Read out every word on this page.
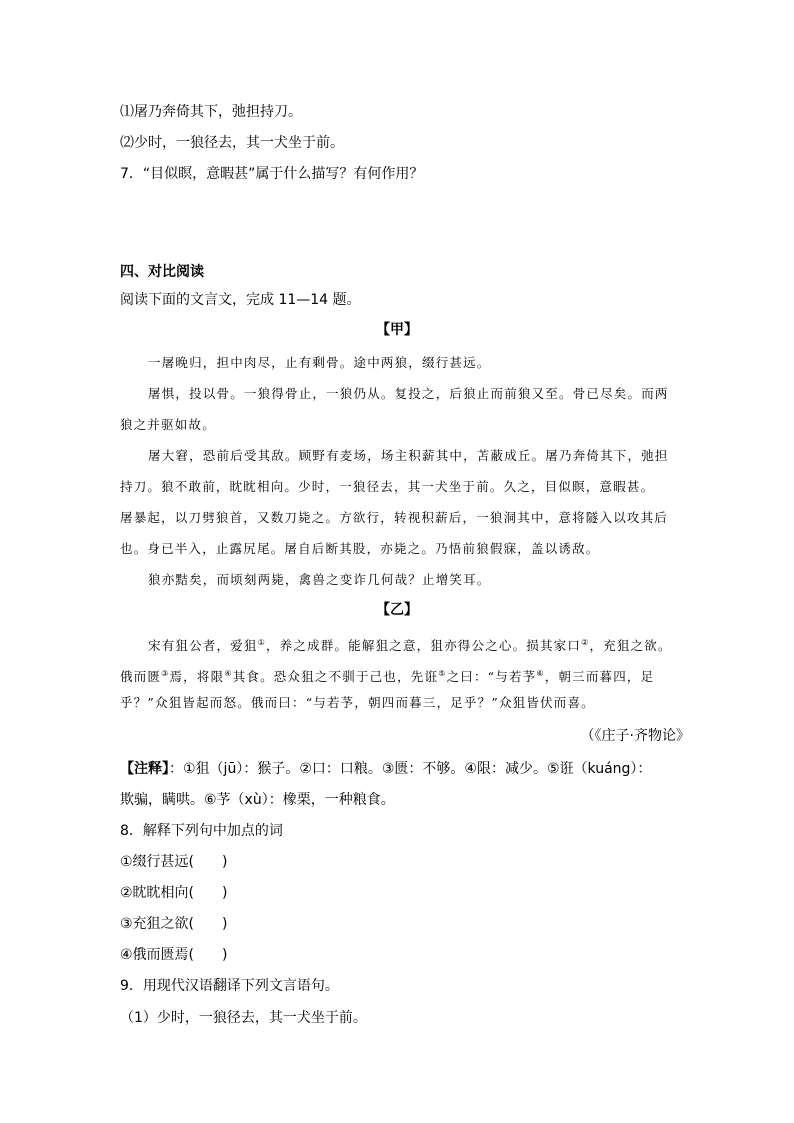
⑴屠乃奔倚其下，弛担持刀。
⑵少时，一狼径去，其一犬坐于前。
7．“目似瞑，意暇甚”属于什么描写？有何作用？
四、对比阅读
阅读下面的文言文，完成 11—14 题。
【甲】
一屠晚归，担中肉尽，止有剩骨。途中两狼，缀行甚远。
屠惧，投以骨。一狼得骨止，一狼仍从。复投之，后狼止而前狼又至。骨已尽矣。而两
狼之并驱如故。
屠大窘，恐前后受其敌。顾野有麦场，场主积薪其中，苫蔽成丘。屠乃奔倚其下，弛担
持刀。狼不敢前，眈眈相向。少时，一狼径去，其一犬坐于前。久之，目似瞑，意暇甚。
屠暴起，以刀劈狼首，又数刀毙之。方欲行，转视积薪后，一狼洞其中，意将隧入以攻其后
也。身已半入，止露尻尾。屠自后断其股，亦毙之。乃悟前狼假寐，盖以诱敌。
狼亦黠矣，而顷刻两毙，禽兽之变诈几何哉？止增笑耳。
【乙】
宋有狙公者，爱狙①，养之成群。能解狙之意，狙亦得公之心。损其家口②，充狙之欲。
俄而匮③焉，将限④其食。恐众狙之不驯于己也，先诳⑤之曰：“与若芧⑥，朝三而暮四，足
乎？”众狙皆起而怒。俄而曰：“与若芧，朝四而暮三，足乎？”众狙皆伏而喜。
（《庄子·齐物论》
【注释】：①狙（jū）：猴子。②口：口粮。③匮：不够。④限：减少。⑤诳（kuáng）：
欺骗，瞒哄。⑥芧（xù）：橡栗，一种粮食。
8．解释下列句中加点的词
①缀行甚远(　　)
②眈眈相向(　　)
③充狙之欲(　　)
④俄而匮焉(　　)
9．用现代汉语翻译下列文言语句。
（1）少时，一狼径去，其一犬坐于前。
